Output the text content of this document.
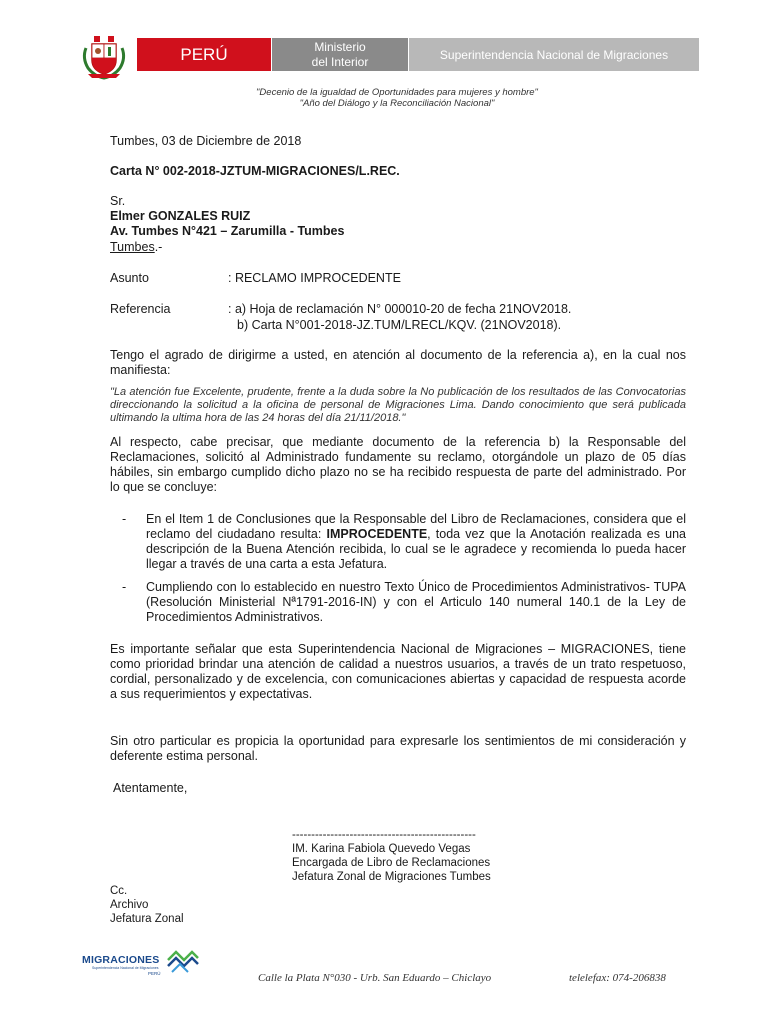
PERÚ	Ministerio
del Interior	Superintendencia Nacional de Migraciones
"Decenio de la igualdad de Oportunidades para mujeres y hombre"
"Año del Diálogo y la Reconciliación Nacional"
Tumbes, 03 de Diciembre de 2018
Carta N° 002-2018-JZTUM-MIGRACIONES/L.REC.
Sr.
Elmer GONZALES RUIZ
Av. Tumbes N°421 – Zarumilla - Tumbes
Tumbes.-
Asunto	: RECLAMO IMPROCEDENTE
Referencia	: a) Hoja de reclamación N° 000010-20 de fecha 21NOV2018.
b) Carta N°001-2018-JZ.TUM/LRECL/KQV. (21NOV2018).
Tengo el agrado de dirigirme a usted, en atención al documento de la referencia a), en la cual nos manifiesta:
"La atención fue Excelente, prudente, frente a la duda sobre la No publicación de los resultados de las Convocatorias direccionando la solicitud a la oficina de personal de Migraciones Lima. Dando conocimiento que será publicada ultimando la ultima hora de las 24 horas del día 21/11/2018."
Al respecto, cabe precisar, que mediante documento de la referencia b) la Responsable del Reclamaciones, solicitó al Administrado fundamente su reclamo, otorgándole un plazo de 05 días hábiles, sin embargo cumplido dicho plazo no se ha recibido respuesta de parte del administrado. Por lo que se concluye:
- En el Item 1 de Conclusiones que la Responsable del Libro de Reclamaciones, considera que el reclamo del ciudadano resulta: IMPROCEDENTE, toda vez que la Anotación realizada es una descripción de la Buena Atención recibida, lo cual se le agradece y recomienda lo pueda hacer llegar a través de una carta a esta Jefatura.
- Cumpliendo con lo establecido en nuestro Texto Único de Procedimientos Administrativos- TUPA (Resolución Ministerial Nª1791-2016-IN) y con el Articulo 140 numeral 140.1 de la Ley de Procedimientos Administrativos.
Es importante señalar que esta Superintendencia Nacional de Migraciones – MIGRACIONES, tiene como prioridad brindar una atención de calidad a nuestros usuarios, a través de un trato respetuoso, cordial, personalizado y de excelencia, con comunicaciones abiertas y capacidad de respuesta acorde a sus requerimientos y expectativas.
Sin otro particular es propicia la oportunidad para expresarle los sentimientos de mi consideración y deferente estima personal.
Atentamente,
------------------------------------------------
IM. Karina Fabiola Quevedo Vegas
Encargada de Libro de Reclamaciones
Jefatura Zonal de Migraciones Tumbes
Cc.
Archivo
Jefatura Zonal
MIGRACIONES
Superintendencia Nacional de Migraciones
PERÚ	Calle la Plata N°030 - Urb. San Eduardo – Chiclayo	telelefax: 074-206838
